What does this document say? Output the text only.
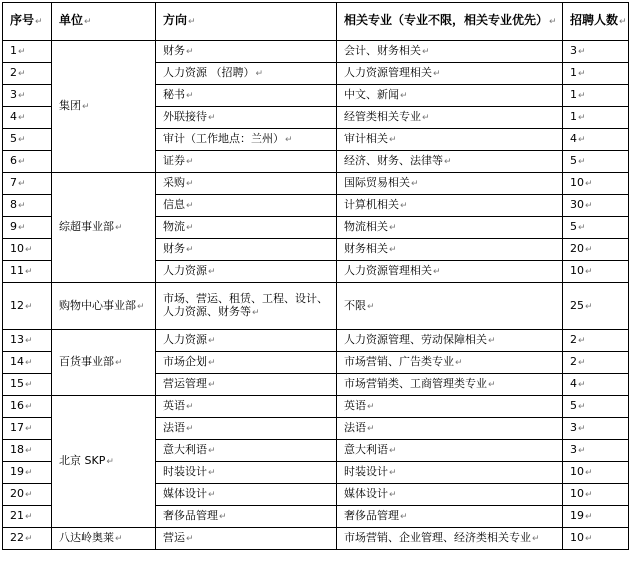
序号↵	单位↵	方向↵	相关专业（专业不限，相关专业优先）↵	招聘人数↵
1↵	集团↵	财务↵	会计、财务相关↵	3↵
2↵		人力资源 （招聘）↵	人力资源管理相关↵	1↵
3↵		秘书↵	中文、新闻↵	1↵
4↵		外联接待↵	经管类相关专业↵	1↵
5↵		审计（工作地点：兰州）↵	审计相关↵	4↵
6↵		证券↵	经济、财务、法律等↵	5↵
7↵	综超事业部↵	采购↵	国际贸易相关↵	10↵
8↵		信息↵	计算机相关↵	30↵
9↵		物流↵	物流相关↵	5↵
10↵		财务↵	财务相关↵	20↵
11↵		人力资源↵	人力资源管理相关↵	10↵
12↵	购物中心事业部↵	市场、营运、租赁、工程、设计、人力资源、财务等↵	不限↵	25↵
13↵	百货事业部↵	人力资源↵	人力资源管理、劳动保障相关↵	2↵
14↵		市场企划↵	市场营销、广告类专业↵	2↵
15↵		营运管理↵	市场营销类、工商管理类专业↵	4↵
16↵	北京 SKP↵	英语↵	英语↵	5↵
17↵		法语↵	法语↵	3↵
18↵		意大利语↵	意大利语↵	3↵
19↵		时装设计↵	时装设计↵	10↵
20↵		媒体设计↵	媒体设计↵	10↵
21↵		奢侈品管理↵	奢侈品管理↵	19↵
22↵	八达岭奥莱↵	营运↵	市场营销、企业管理、经济类相关专业↵	10↵
